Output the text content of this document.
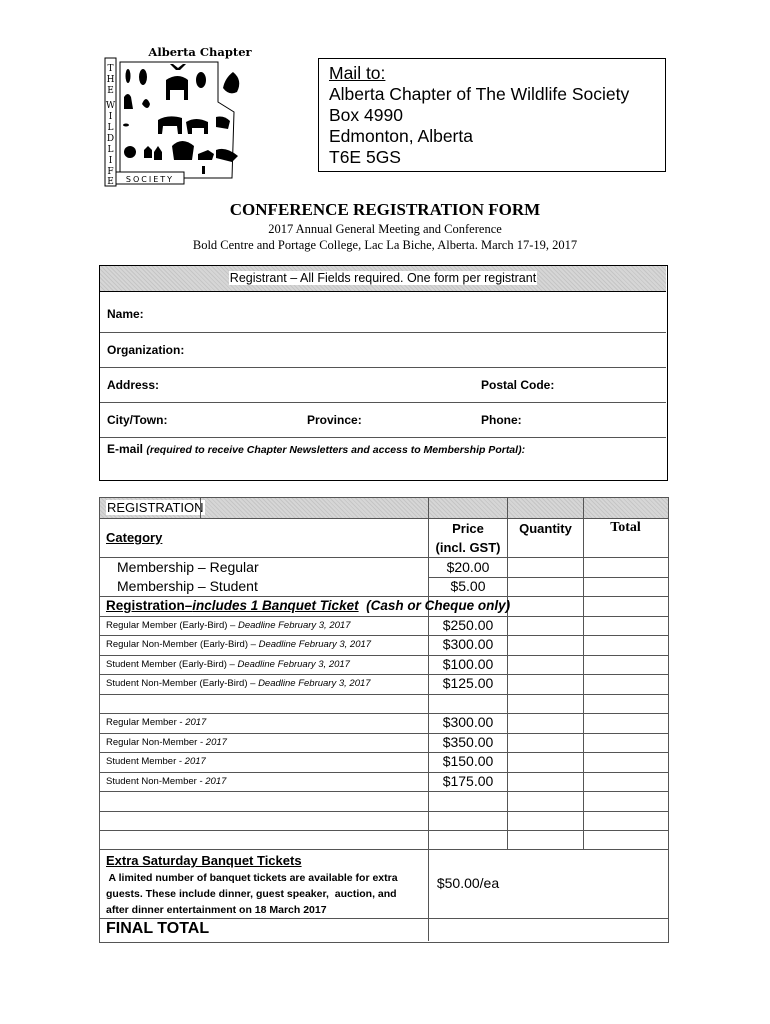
T
H
E
W
I
L
D
L
I
F
E
Alberta Chapter
SOCIETY
Mail to:
Alberta Chapter of The Wildlife Society
Box 4990
Edmonton, Alberta
T6E 5GS
CONFERENCE REGISTRATION FORM
2017 Annual General Meeting and Conference
Bold Centre and Portage College, Lac La Biche, Alberta. March 17-19, 2017
Registrant – All Fields required. One form per registrant
Name:
Organization:
Address:	Postal Code:
City/Town:	Province:	Phone:
E-mail (required to receive Chapter Newsletters and access to Membership Portal):
REGISTRATION
Category
Price
(incl. GST)
Quantity	Total
Membership – Regular	$20.00
Membership – Student	$5.00
Registration–includes 1 Banquet Ticket (Cash or Cheque only)
Regular Member (Early-Bird) – Deadline February 3, 2017	$250.00
Regular Non-Member (Early-Bird) – Deadline February 3, 2017	$300.00
Student Member (Early-Bird) – Deadline February 3, 2017	$100.00
Student Non-Member (Early-Bird) – Deadline February 3, 2017	$125.00
Regular Member - 2017	$300.00
Regular Non-Member - 2017	$350.00
Student Member - 2017	$150.00
Student Non-Member - 2017	$175.00
Extra Saturday Banquet Tickets
A limited number of banquet tickets are available for extra
guests. These include dinner, guest speaker,  auction, and
after dinner entertainment on 18 March 2017
$50.00/ea
FINAL TOTAL
